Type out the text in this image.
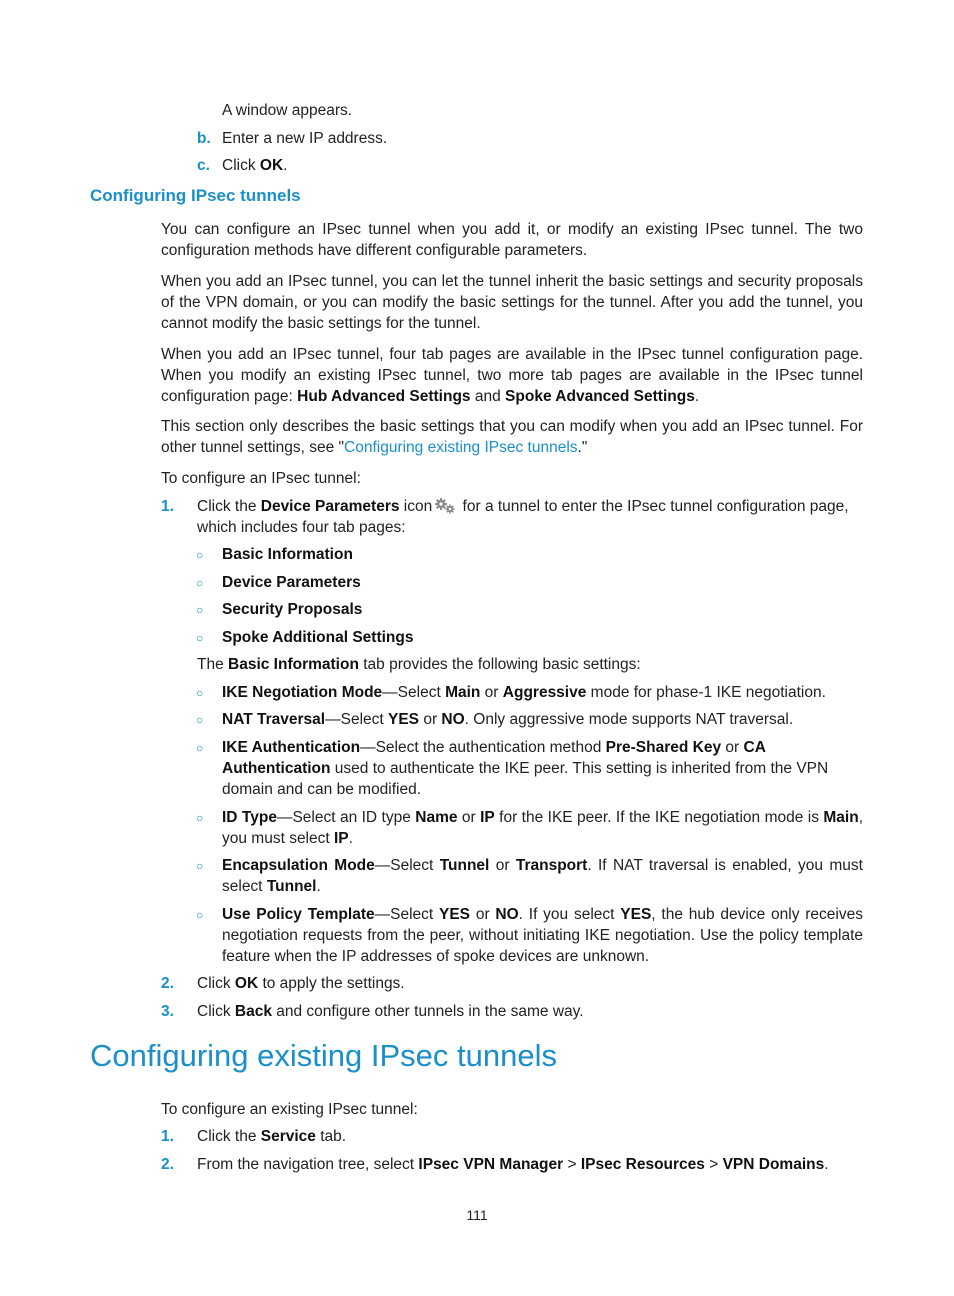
A window appears.
b. Enter a new IP address.
c. Click OK.
Configuring IPsec tunnels
You can configure an IPsec tunnel when you add it, or modify an existing IPsec tunnel. The two configuration methods have different configurable parameters.
When you add an IPsec tunnel, you can let the tunnel inherit the basic settings and security proposals of the VPN domain, or you can modify the basic settings for the tunnel. After you add the tunnel, you cannot modify the basic settings for the tunnel.
When you add an IPsec tunnel, four tab pages are available in the IPsec tunnel configuration page. When you modify an existing IPsec tunnel, two more tab pages are available in the IPsec tunnel configuration page: Hub Advanced Settings and Spoke Advanced Settings.
This section only describes the basic settings that you can modify when you add an IPsec tunnel. For other tunnel settings, see "Configuring existing IPsec tunnels."
To configure an IPsec tunnel:
1. Click the Device Parameters icon
for a tunnel to enter the IPsec tunnel configuration page,
which includes four tab pages:
○ Basic Information
○ Device Parameters
○ Security Proposals
○ Spoke Additional Settings
The Basic Information tab provides the following basic settings:
○ IKE Negotiation Mode—Select Main or Aggressive mode for phase-1 IKE negotiation.
○ NAT Traversal—Select YES or NO. Only aggressive mode supports NAT traversal.
○ IKE Authentication—Select the authentication method Pre-Shared Key or CA Authentication used to authenticate the IKE peer. This setting is inherited from the VPN domain and can be modified.
○ ID Type—Select an ID type Name or IP for the IKE peer. If the IKE negotiation mode is Main, you must select IP.
○ Encapsulation Mode—Select Tunnel or Transport. If NAT traversal is enabled, you must select Tunnel.
○ Use Policy Template—Select YES or NO. If you select YES, the hub device only receives negotiation requests from the peer, without initiating IKE negotiation. Use the policy template feature when the IP addresses of spoke devices are unknown.
2. Click OK to apply the settings.
3. Click Back and configure other tunnels in the same way.
Configuring existing IPsec tunnels
To configure an existing IPsec tunnel:
1. Click the Service tab.
2. From the navigation tree, select IPsec VPN Manager > IPsec Resources > VPN Domains.
111
